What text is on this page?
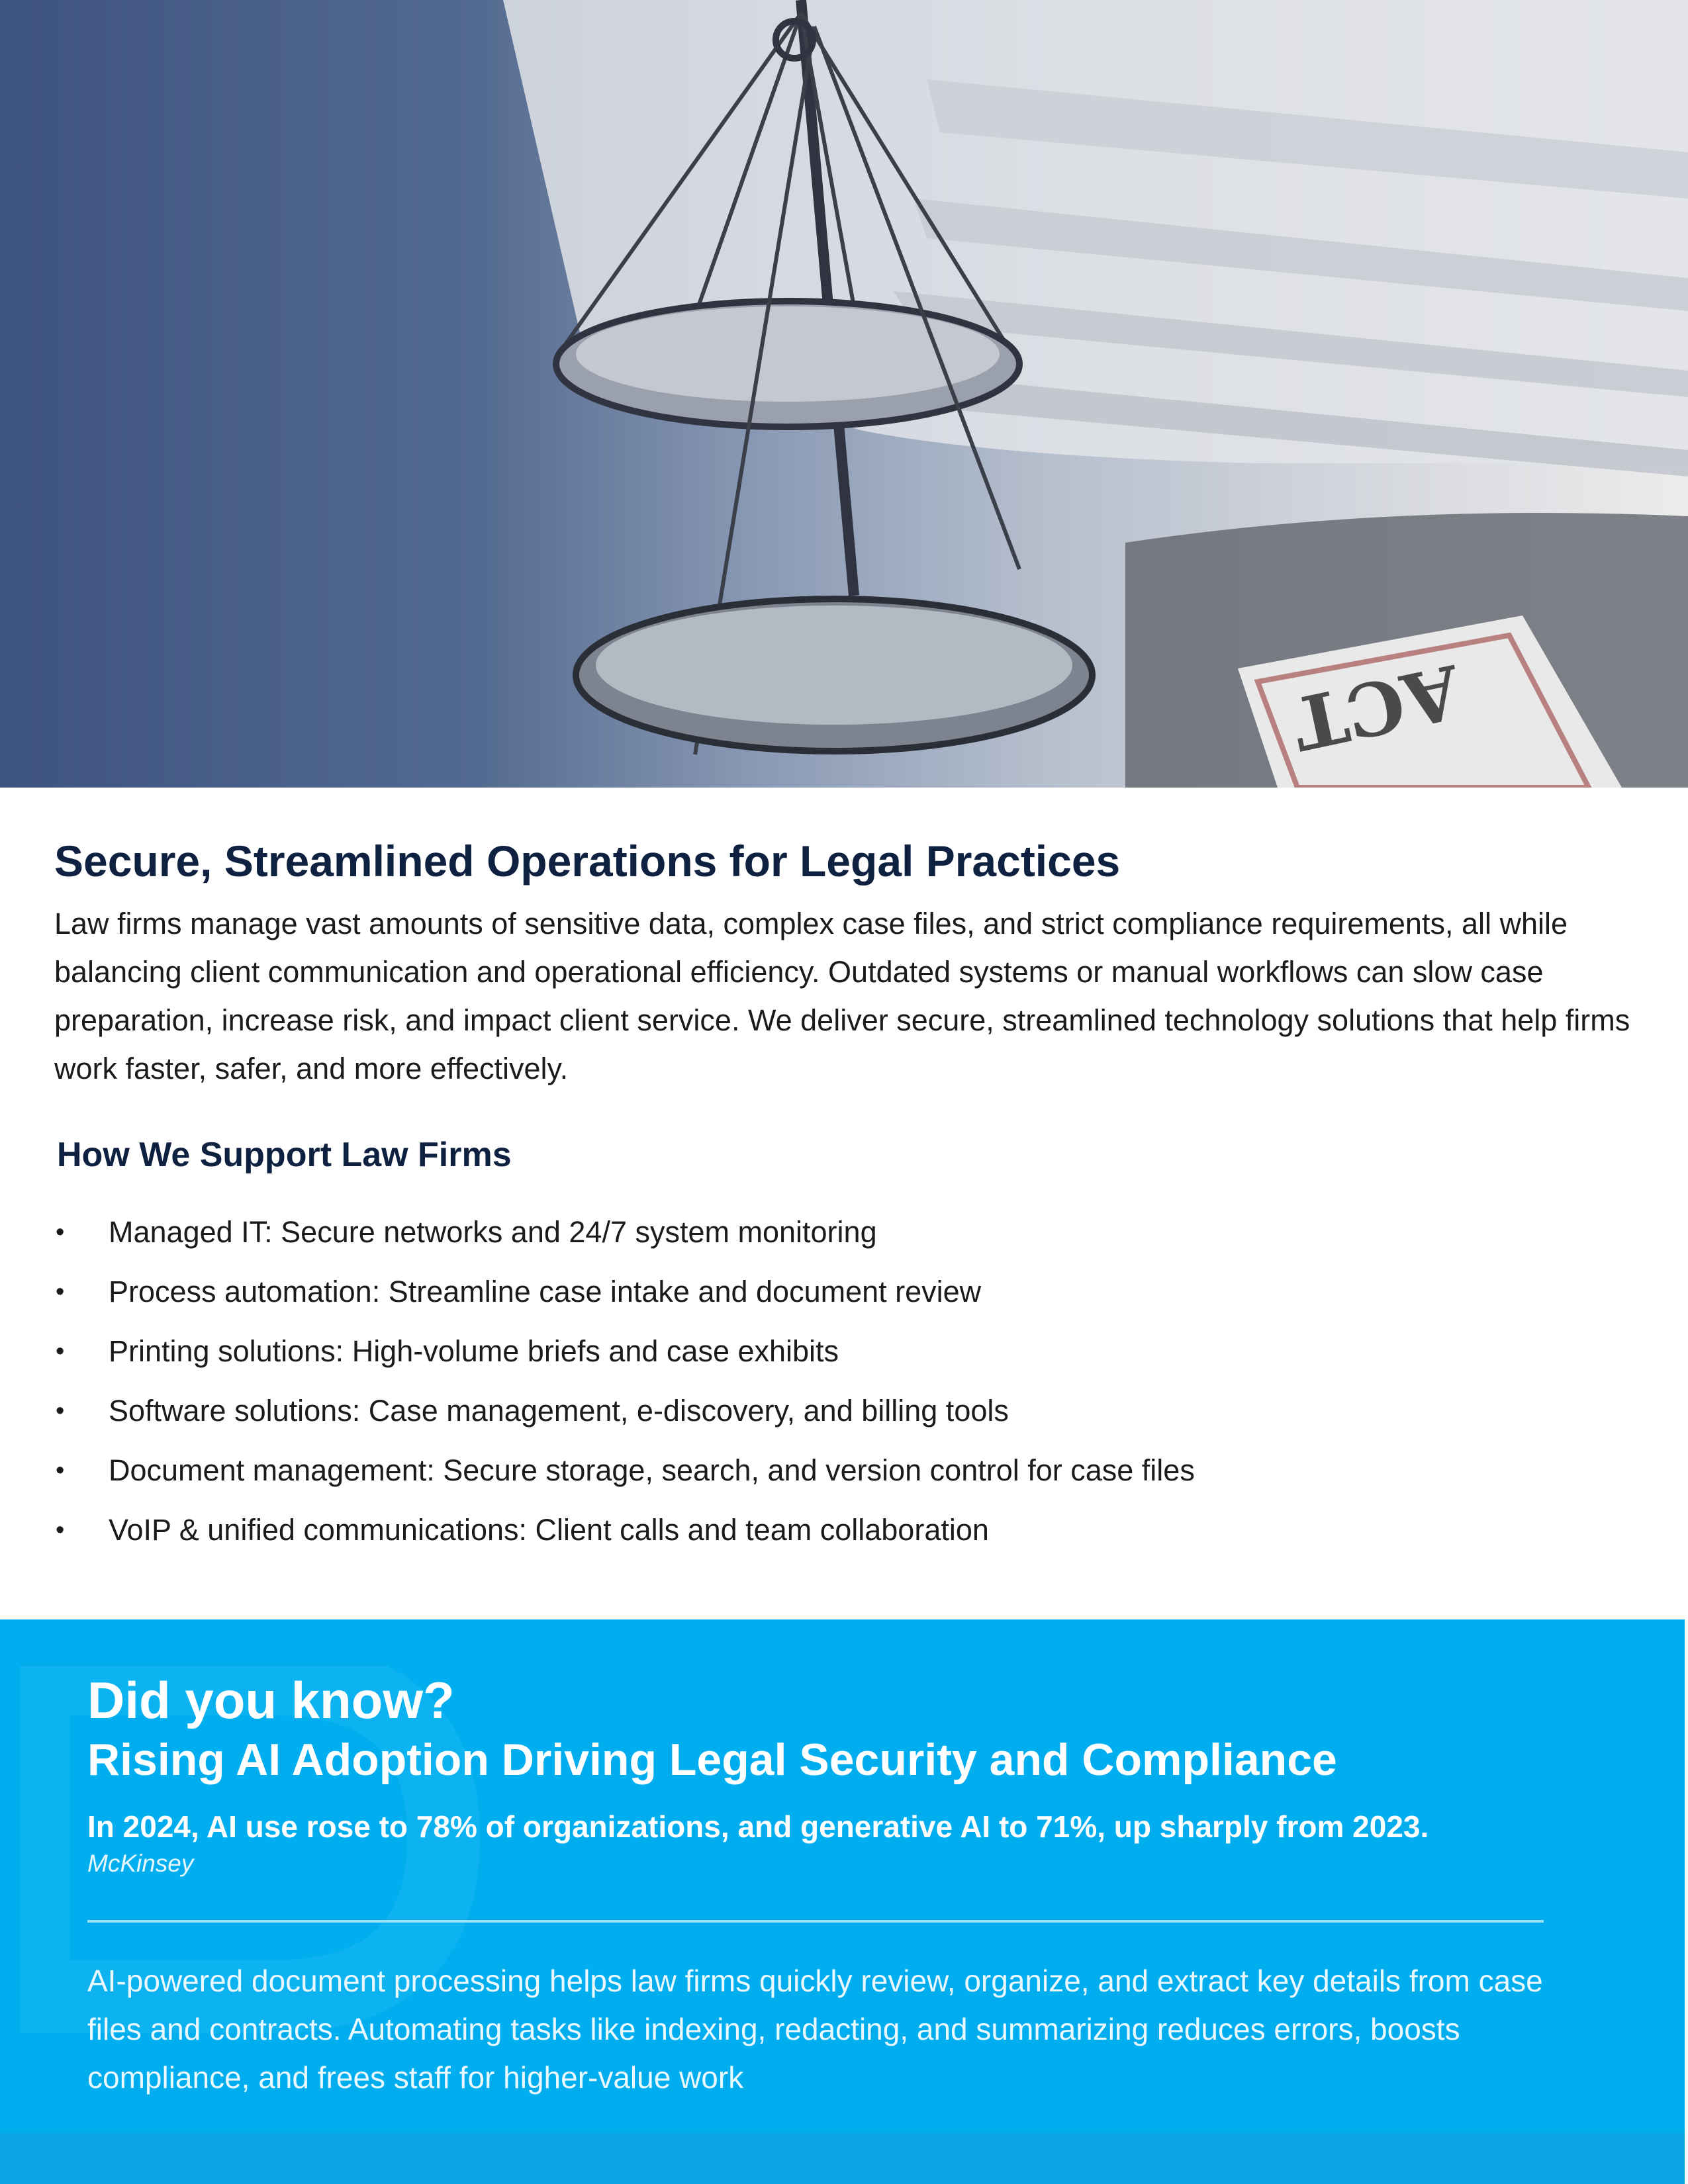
ACT
Secure, Streamlined Operations for Legal Practices

Law firms manage vast amounts of sensitive data, complex case files, and strict compliance requirements, all while balancing client communication and operational efficiency. Outdated systems or manual workflows can slow case preparation, increase risk, and impact client service. We deliver secure, streamlined technology solutions that help firms work faster, safer, and more effectively.

How We Support Law Firms
• Managed IT: Secure networks and 24/7 system monitoring
• Process automation: Streamline case intake and document review
• Printing solutions: High-volume briefs and case exhibits
• Software solutions: Case management, e-discovery, and billing tools
• Document management: Secure storage, search, and version control for case files
• VoIP & unified communications: Client calls and team collaboration
Did you know?
Rising AI Adoption Driving Legal Security and Compliance

In 2024, AI use rose to 78% of organizations, and generative AI to 71%, up sharply from 2023.

McKinsey

AI-powered document processing helps law firms quickly review, organize, and extract key details from case files and contracts. Automating tasks like indexing, redacting, and summarizing reduces errors, boosts compliance, and frees staff for higher-value work
